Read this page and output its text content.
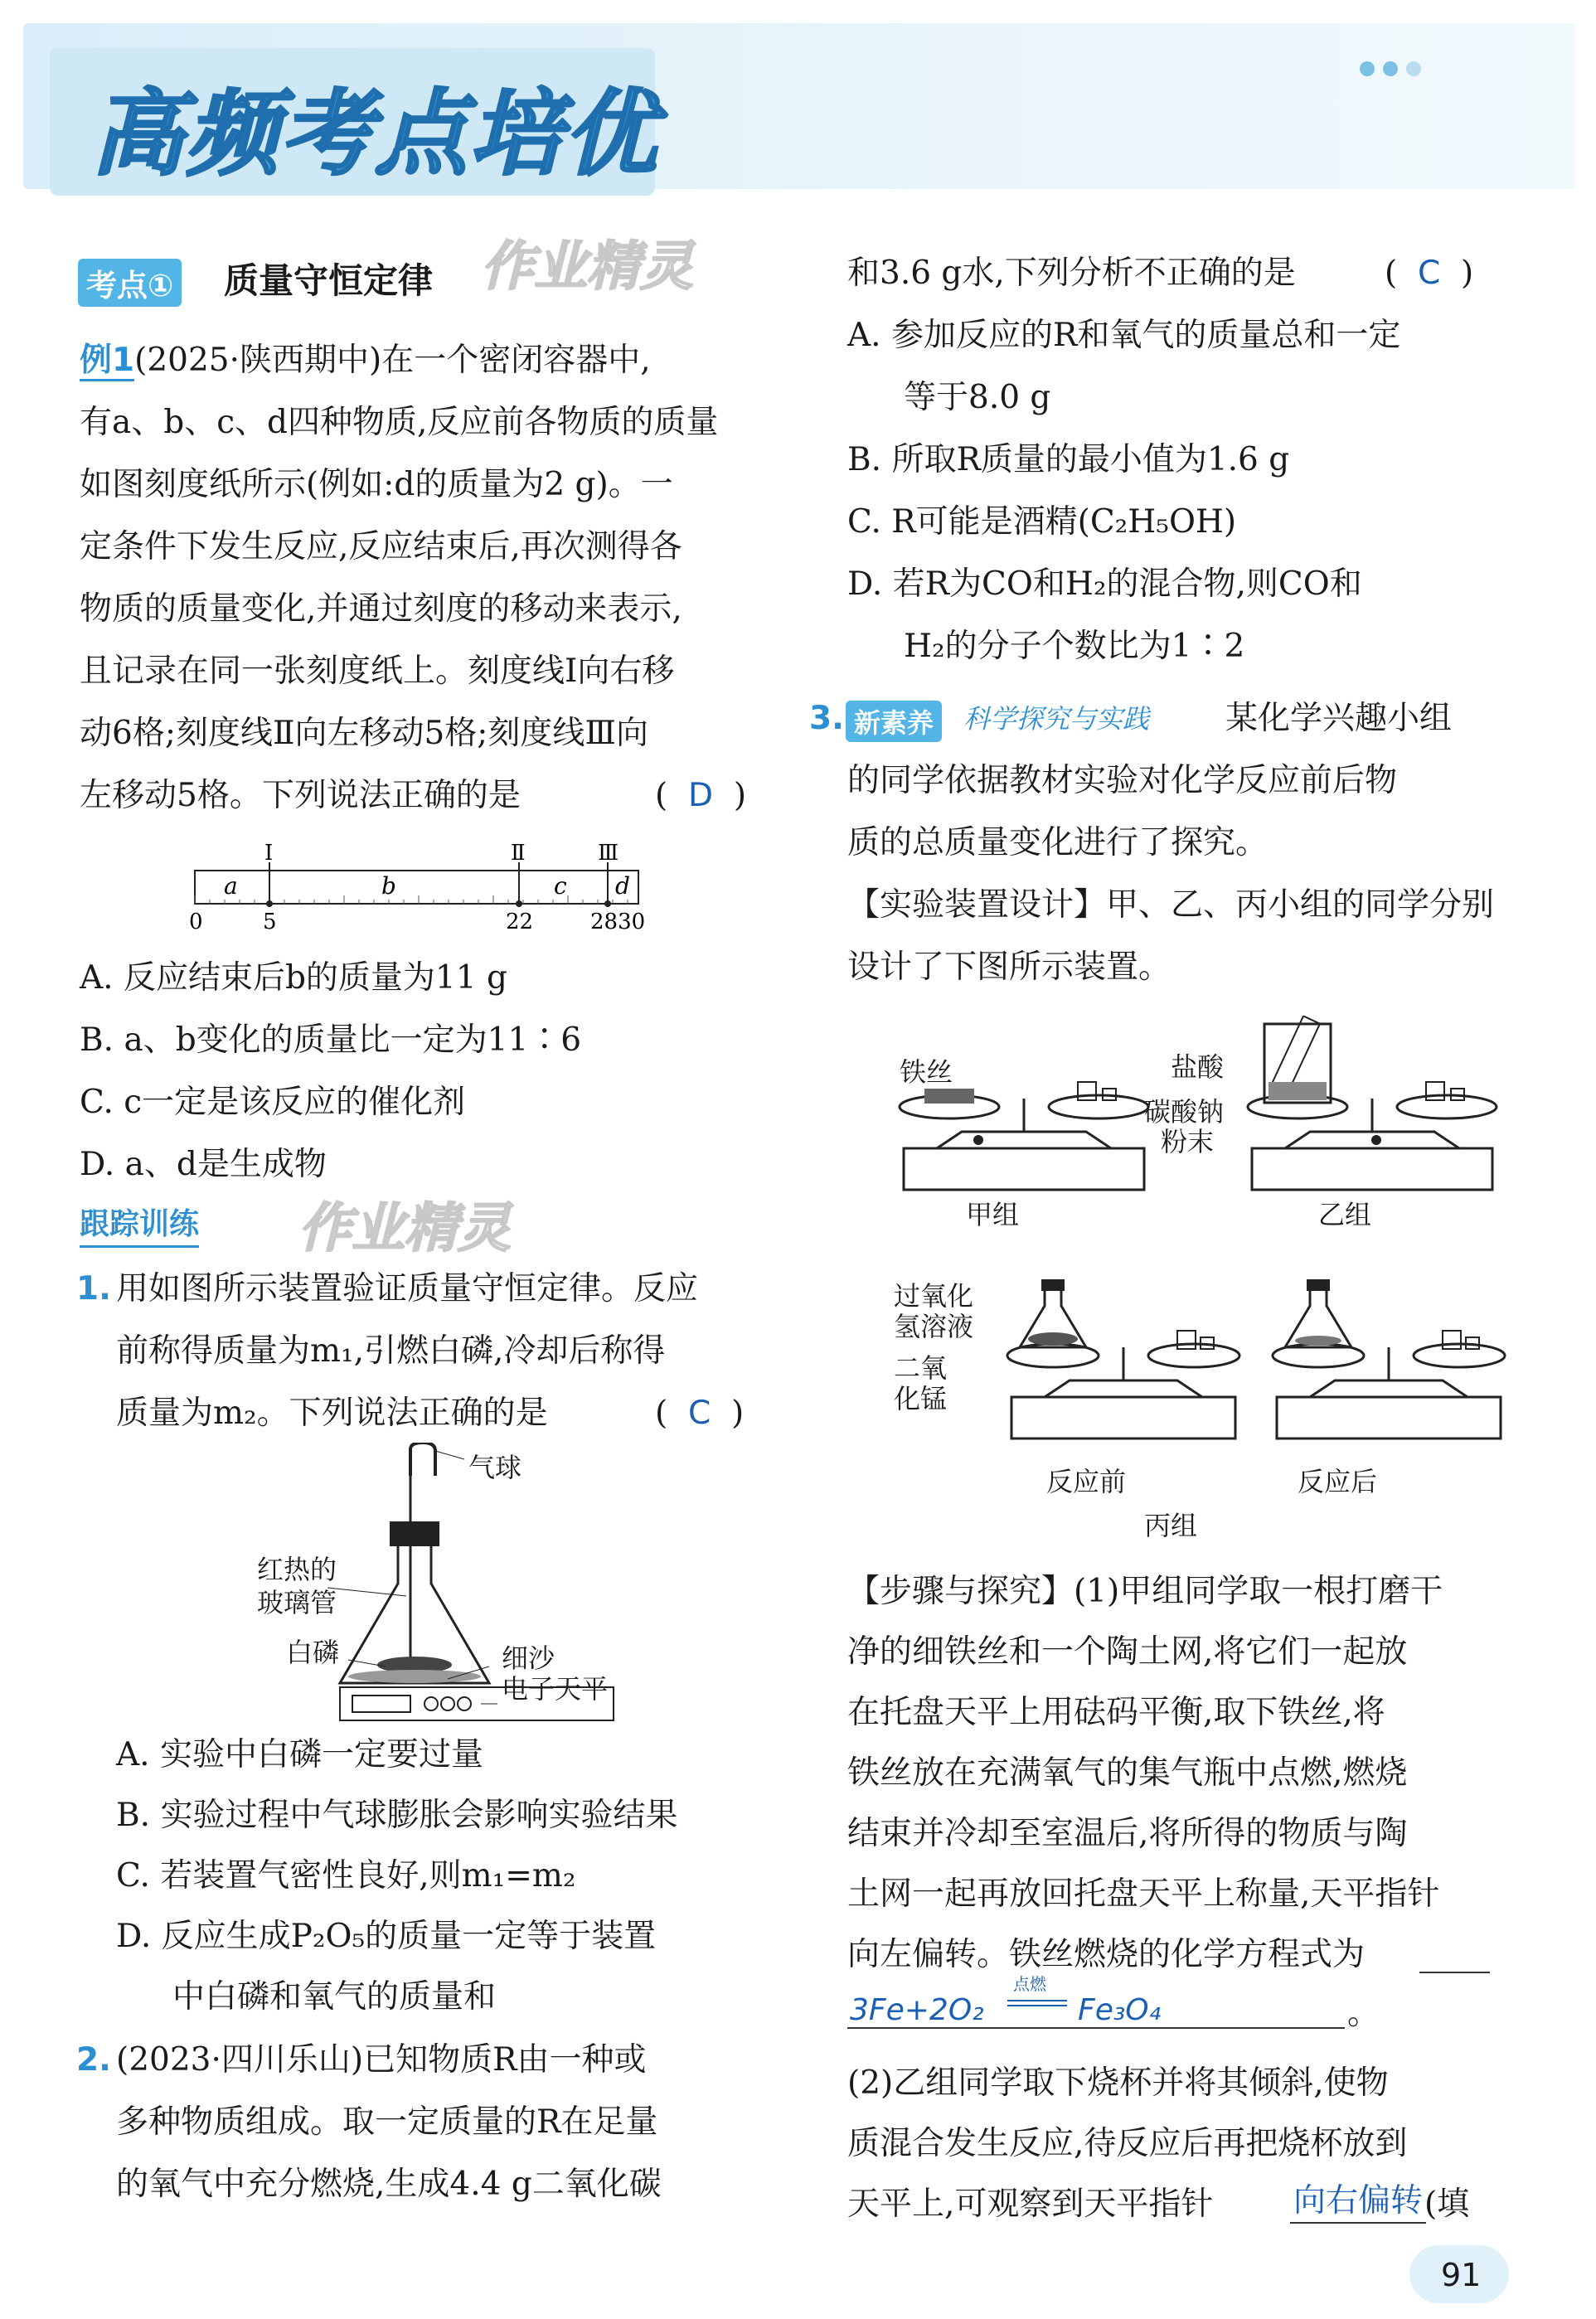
高频考点培优
考点① 质量守恒定律 作业精灵
例1(2025·陕西期中)在一个密闭容器中,
有a、b、c、d四种物质,反应前各物质的质量
如图刻度纸所示(例如:d的质量为2 g)。一
定条件下发生反应,反应结束后,再次测得各
物质的质量变化,并通过刻度的移动来表示,
且记录在同一张刻度纸上。刻度线Ⅰ向右移
动6格;刻度线Ⅱ向左移动5格;刻度线Ⅲ向
左移动5格。下列说法正确的是	(  D  )
Ⅰ	Ⅱ	Ⅲ
a	b	c d
0	5	22	2830
A. 反应结束后b的质量为11 g
B. a、b变化的质量比一定为11∶6
C. c一定是该反应的催化剂
D. a、d是生成物
跟踪训练 作业精灵
1. 用如图所示装置验证质量守恒定律。反应
前称得质量为m₁,引燃白磷,冷却后称得
质量为m₂。下列说法正确的是	(  C  )
气球
红热的
玻璃管
白磷	细沙
电子天平
A. 实验中白磷一定要过量
B. 实验过程中气球膨胀会影响实验结果
C. 若装置气密性良好,则m₁=m₂
D. 反应生成P₂O₅的质量一定等于装置
中白磷和氧气的质量和
2. (2023·四川乐山)已知物质R由一种或
多种物质组成。取一定质量的R在足量
的氧气中充分燃烧,生成4.4 g二氧化碳
和3.6 g水,下列分析不正确的是	(  C  )
A. 参加反应的R和氧气的质量总和一定
等于8.0 g
B. 所取R质量的最小值为1.6 g
C. R可能是酒精(C₂H₅OH)
D. 若R为CO和H₂的混合物,则CO和
H₂的分子个数比为1∶2
3. 新素养	科学探究与实践 某化学兴趣小组
的同学依据教材实验对化学反应前后物
质的总质量变化进行了探究。
【实验装置设计】甲、乙、丙小组的同学分别
设计了下图所示装置。
铁丝	盐酸
碳酸钠
粉末
甲组	乙组
过氧化
氢溶液
二氧
化锰
反应前	反应后
丙组
【步骤与探究】(1)甲组同学取一根打磨干
净的细铁丝和一个陶土网,将它们一起放
在托盘天平上用砝码平衡,取下铁丝,将
铁丝放在充满氧气的集气瓶中点燃,燃烧
结束并冷却至室温后,将所得的物质与陶
土网一起再放回托盘天平上称量,天平指针
向左偏转。铁丝燃烧的化学方程式为
3Fe+2O₂
点燃
Fe₃O₄	。
(2)乙组同学取下烧杯并将其倾斜,使物
质混合发生反应,待反应后再把烧杯放到
天平上,可观察到天平指针 向右偏转 (填
91
